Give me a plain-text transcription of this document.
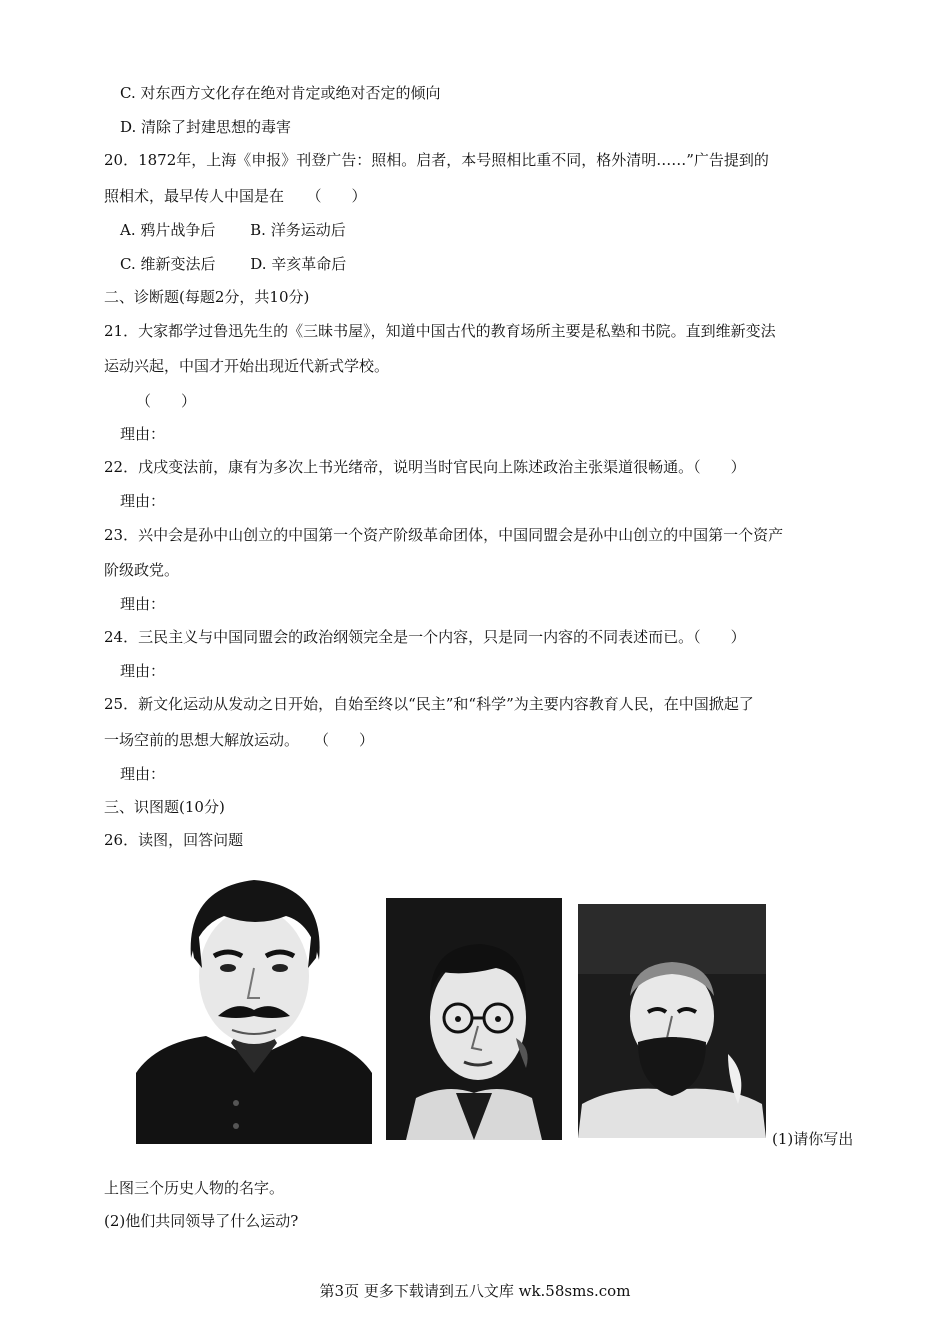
C. 对东西方文化存在绝对肯定或绝对否定的倾向
D. 清除了封建思想的毒害
20．1872年，上海《申报》刊登广告：照相。启者，本号照相比重不同，格外清明……”广告提到的
照相术，最早传人中国是在　　（　　）
A. 鸦片战争后　　 B. 洋务运动后
C. 维新变法后　　 D. 辛亥革命后
二、诊断题(每题2分，共10分)
21．大家都学过鲁迅先生的《三昧书屋》，知道中国古代的教育场所主要是私塾和书院。直到维新变法
运动兴起，中国才开始出现近代新式学校。
（　　）
理由：
22．戊戌变法前，康有为多次上书光绪帝，说明当时官民向上陈述政治主张渠道很畅通。（　　）
理由：
23．兴中会是孙中山创立的中国第一个资产阶级革命团体，中国同盟会是孙中山创立的中国第一个资产
阶级政党。
理由：
24．三民主义与中国同盟会的政治纲领完全是一个内容，只是同一内容的不同表述而已。（　　）
理由：
25．新文化运动从发动之日开始，自始至终以“民主”和“科学”为主要内容教育人民，在中国掀起了
一场空前的思想大解放运动。　　（　　）
理由：
三、识图题(10分)
26．读图，回答问题
(1)请你写出
上图三个历史人物的名字。
(2)他们共同领导了什么运动?
第3页 更多下载请到五八文库 wk.58sms.com
